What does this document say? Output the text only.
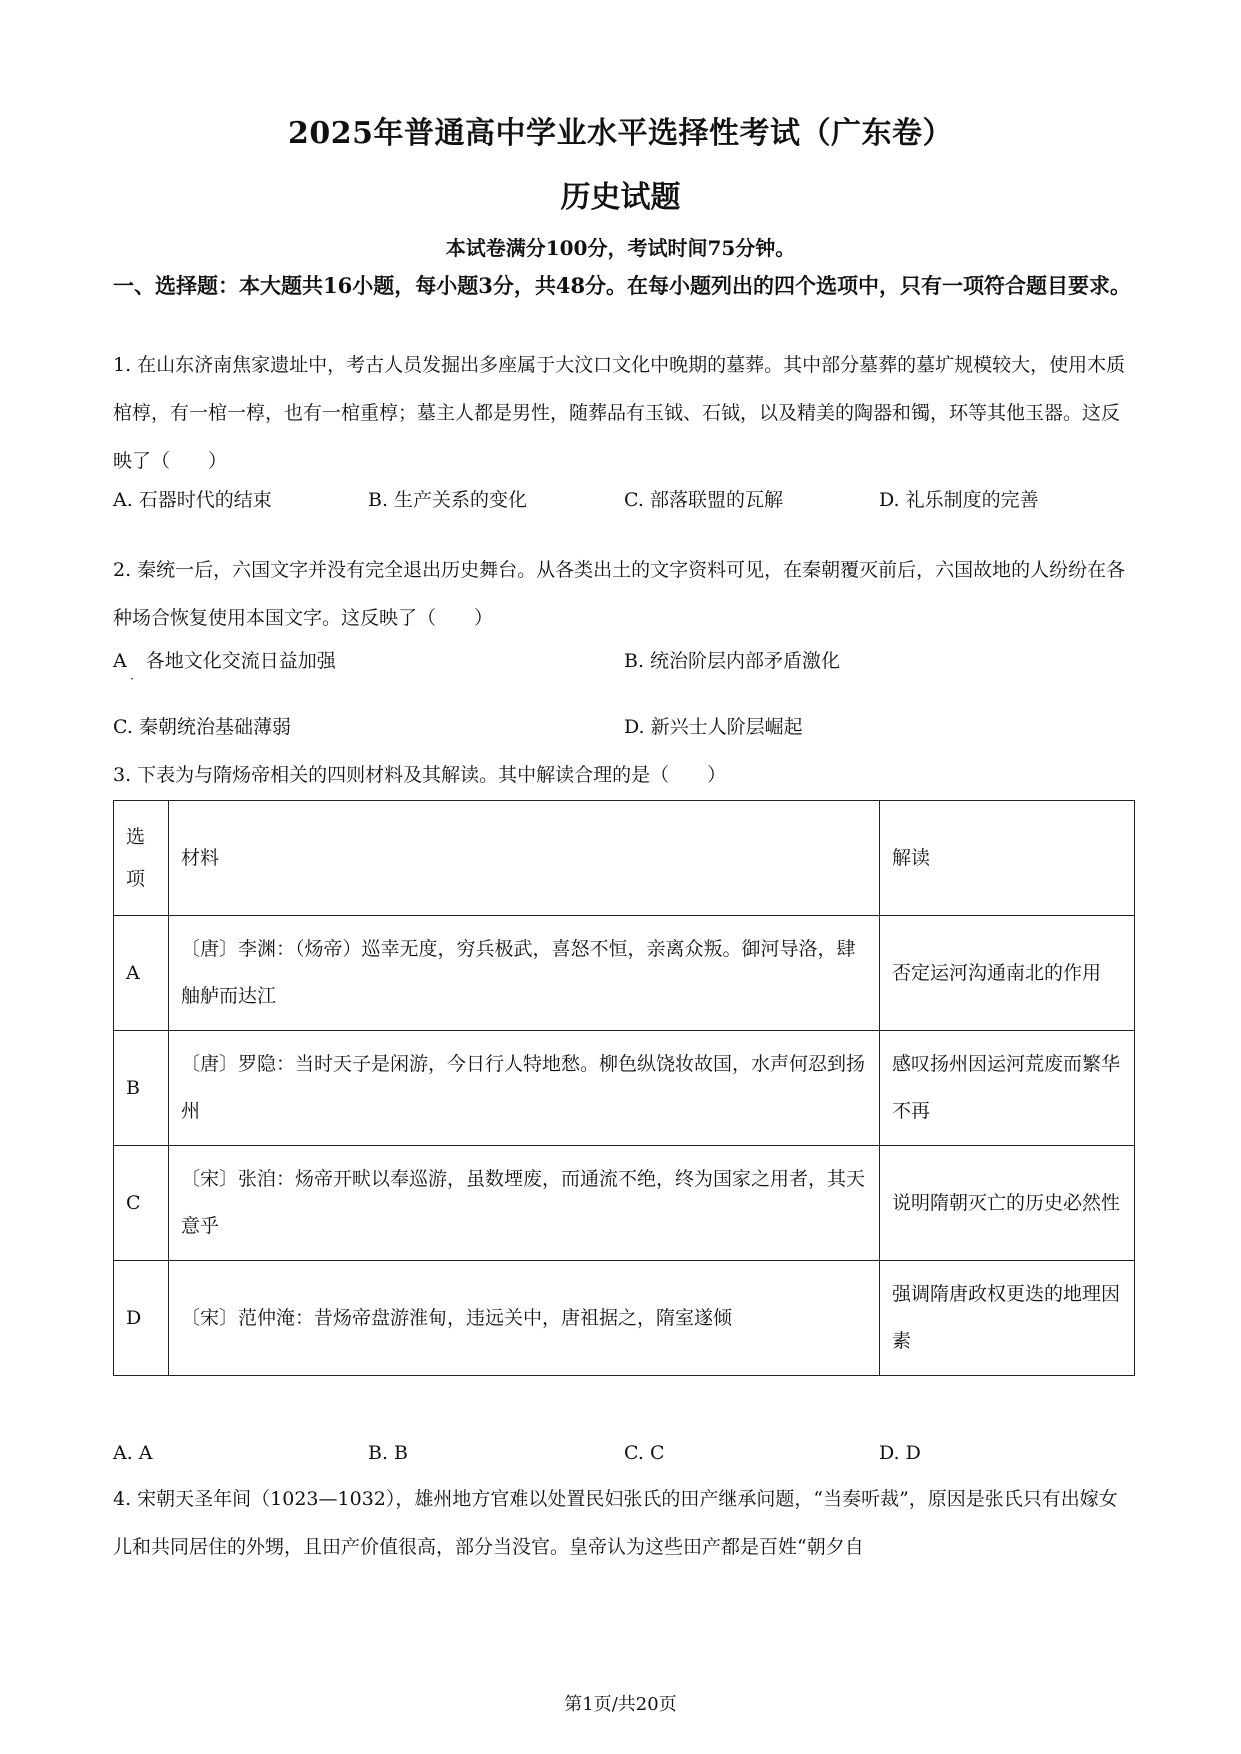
2025年普通高中学业水平选择性考试（广东卷）
历史试题
本试卷满分100分，考试时间75分钟。
一、选择题：本大题共16小题，每小题3分，共48分。在每小题列出的四个选项中，只有一项符合题目要求。
1. 在山东济南焦家遗址中，考古人员发掘出多座属于大汶口文化中晚期的墓葬。其中部分墓葬的墓圹规模较大，使用木质棺椁，有一棺一椁，也有一棺重椁；墓主人都是男性，随葬品有玉钺、石钺，以及精美的陶器和镯，环等其他玉器。这反映了（　　）
A. 石器时代的结束	B. 生产关系的变化	C. 部落联盟的瓦解	D. 礼乐制度的完善
2. 秦统一后，六国文字并没有完全退出历史舞台。从各类出土的文字资料可见，在秦朝覆灭前后，六国故地的人纷纷在各种场合恢复使用本国文字。这反映了（　　）
A　各地文化交流日益加强
·
B. 统治阶层内部矛盾激化
C. 秦朝统治基础薄弱	D. 新兴士人阶层崛起
3. 下表为与隋炀帝相关的四则材料及其解读。其中解读合理的是（　　）
选项	材料	解读
A	〔唐〕李渊：（炀帝）巡幸无度，穷兵极武，喜怒不恒，亲离众叛。御河导洛，肆舳舻而达江	否定运河沟通南北的作用
B	〔唐〕罗隐：当时天子是闲游，今日行人特地愁。柳色纵饶妆故国，水声何忍到扬州	感叹扬州因运河荒废而繁华不再
C	〔宋〕张洎：炀帝开畎以奉巡游，虽数堙废，而通流不绝，终为国家之用者，其天意乎	说明隋朝灭亡的历史必然性
D	〔宋〕范仲淹：昔炀帝盘游淮甸，违远关中，唐祖据之，隋室遂倾	强调隋唐政权更迭的地理因素
A. A	B. B	C. C	D. D
4. 宋朝天圣年间（1023—1032），雄州地方官难以处置民妇张氏的田产继承问题，“当奏听裁”，原因是张氏只有出嫁女儿和共同居住的外甥，且田产价值很高，部分当没官。皇帝认为这些田产都是百姓“朝夕自
第1页/共20页
